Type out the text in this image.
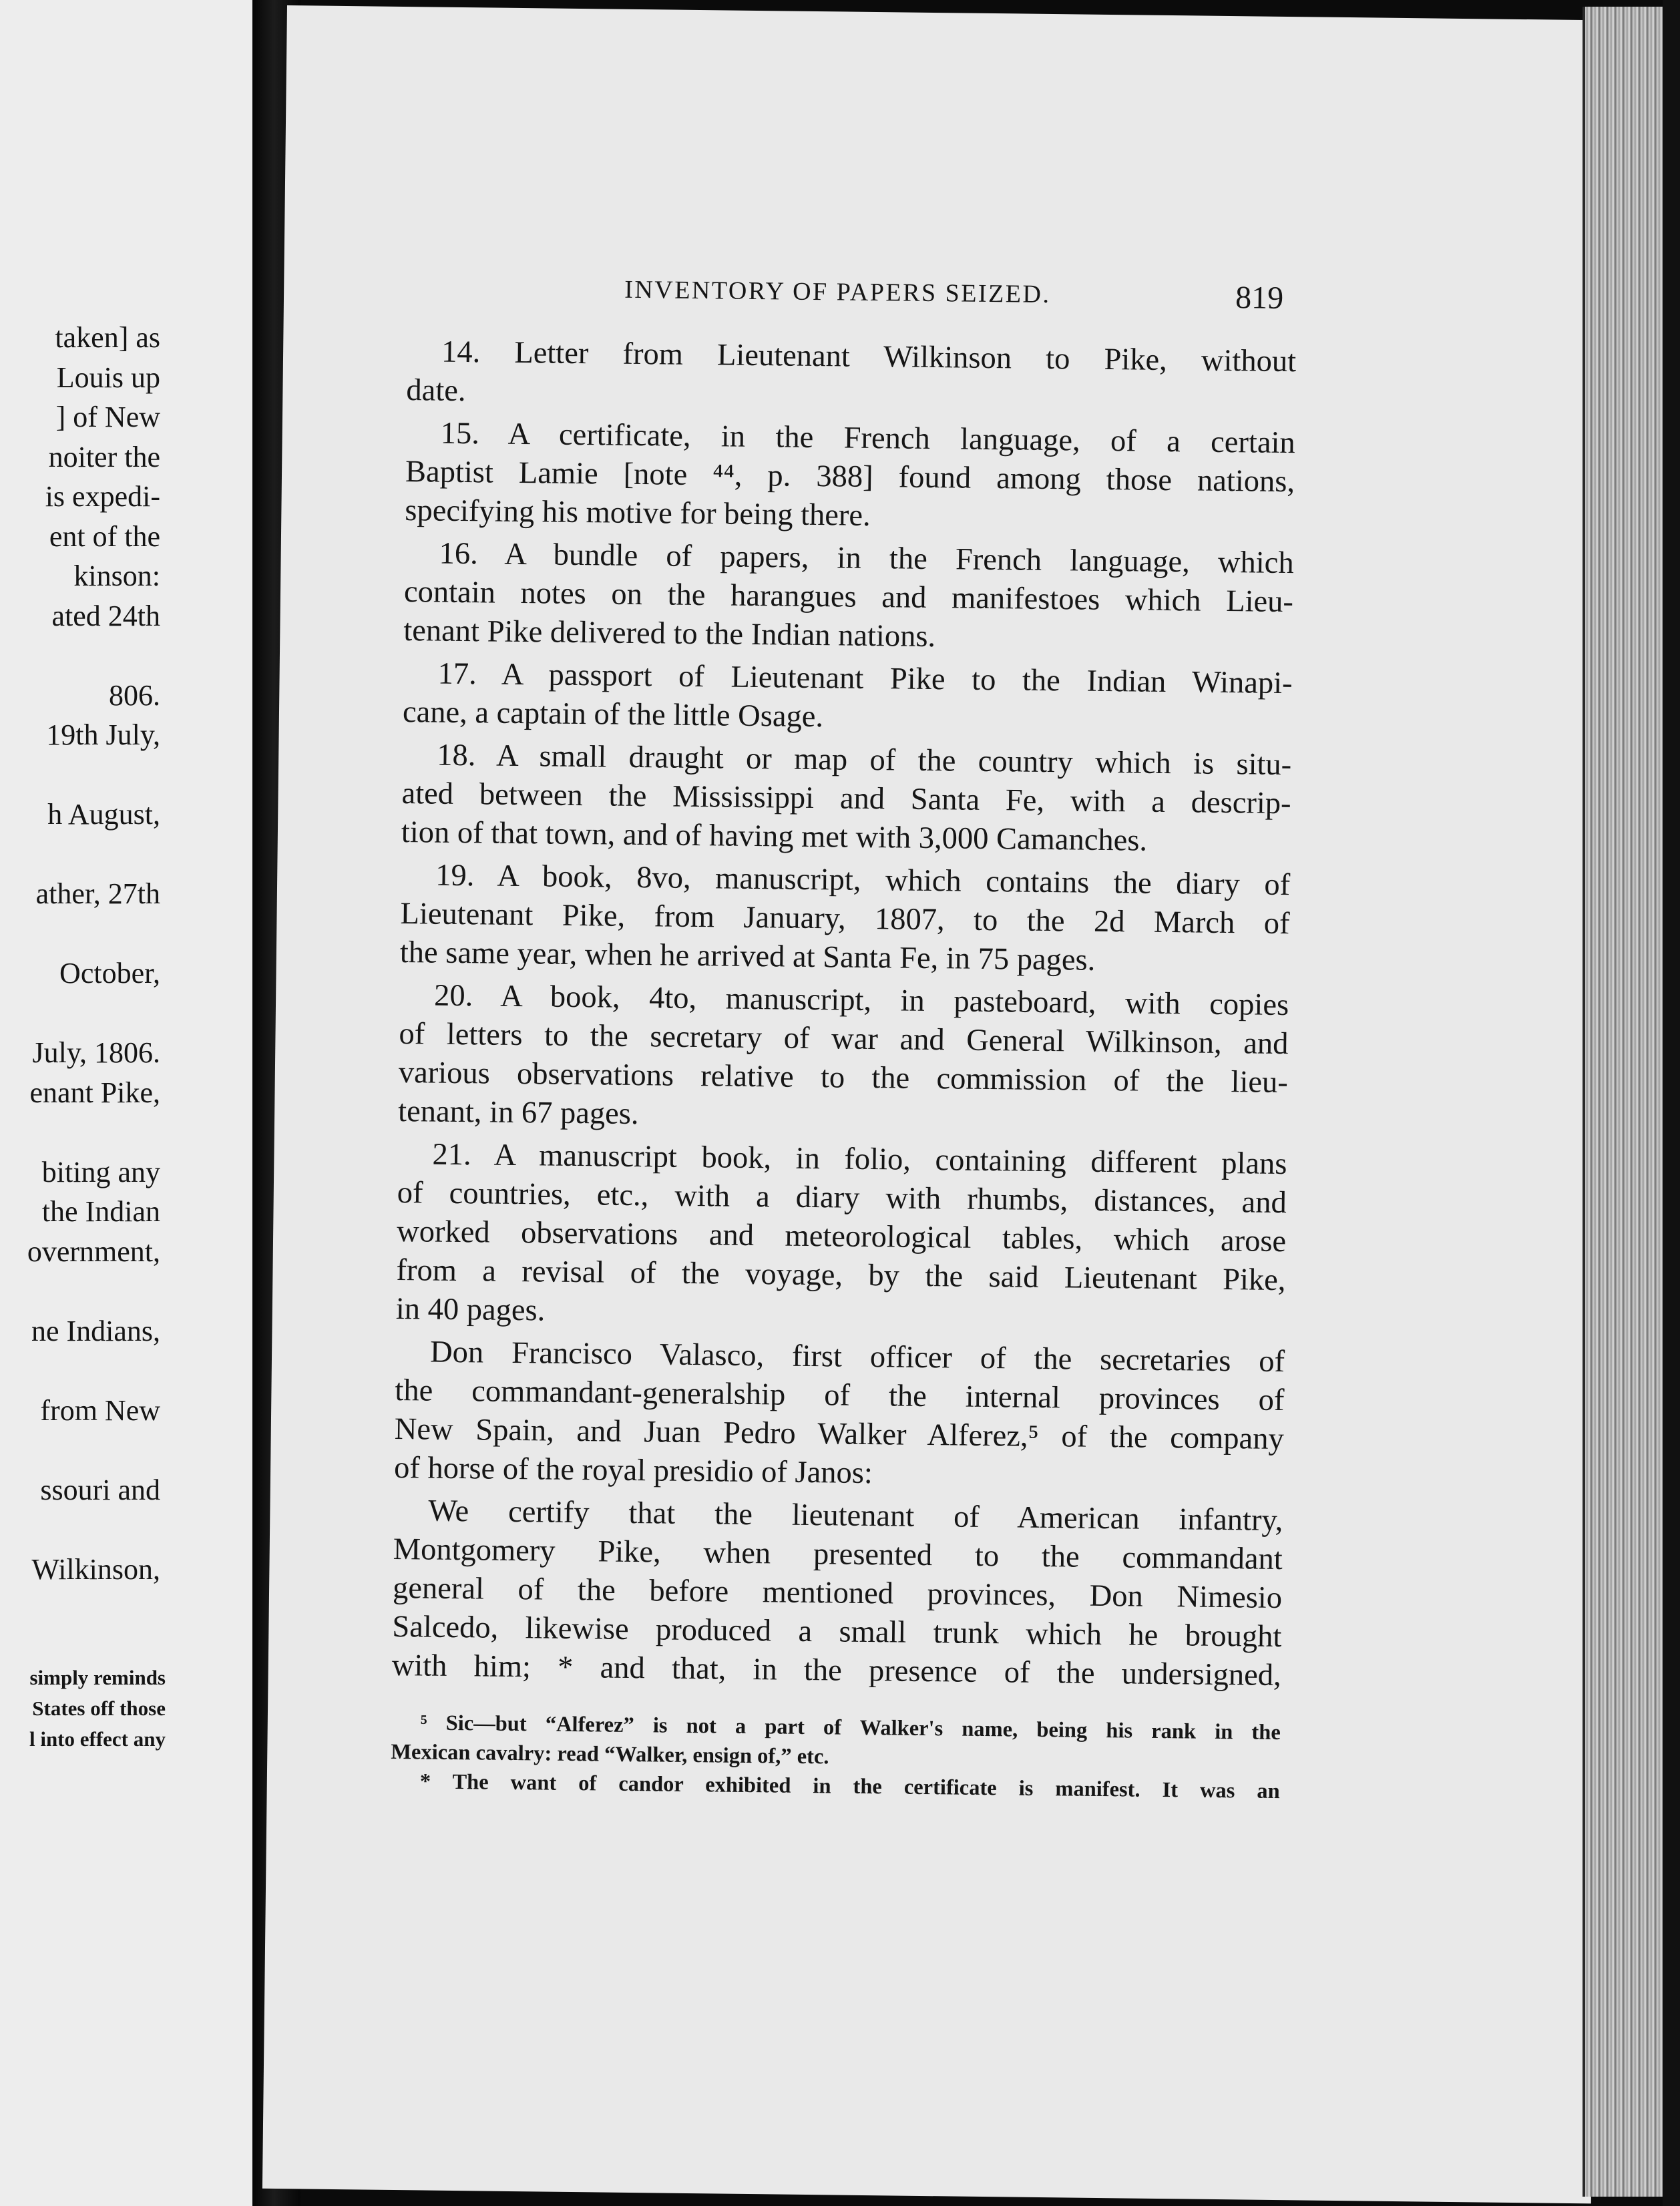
taken] as
Louis up
] of New
noiter the
is expedi-
ent of the
kinson:
ated 24th
806.
19th July,
h August,
ather, 27th
October,
July, 1806.
enant Pike,
biting any
the Indian
overnment,
ne Indians,
from New
ssouri and
Wilkinson,
simply reminds
States off those
l into effect any
INVENTORY OF PAPERS SEIZED.	819
14. Letter from Lieutenant Wilkinson to Pike, without
date.
15. A certificate, in the French language, of a certain
Baptist Lamie [note ⁴⁴, p. 388] found among those nations,
specifying his motive for being there.
16. A bundle of papers, in the French language, which
contain notes on the harangues and manifestoes which Lieu-
tenant Pike delivered to the Indian nations.
17. A passport of Lieutenant Pike to the Indian Winapi-
cane, a captain of the little Osage.
18. A small draught or map of the country which is situ-
ated between the Mississippi and Santa Fe, with a descrip-
tion of that town, and of having met with 3,000 Camanches.
19. A book, 8vo, manuscript, which contains the diary of
Lieutenant Pike, from January, 1807, to the 2d March of
the same year, when he arrived at Santa Fe, in 75 pages.
20. A book, 4to, manuscript, in pasteboard, with copies
of letters to the secretary of war and General Wilkinson, and
various observations relative to the commission of the lieu-
tenant, in 67 pages.
21. A manuscript book, in folio, containing different plans
of countries, etc., with a diary with rhumbs, distances, and
worked observations and meteorological tables, which arose
from a revisal of the voyage, by the said Lieutenant Pike,
in 40 pages.
Don Francisco Valasco, first officer of the secretaries of
the commandant-generalship of the internal provinces of
New Spain, and Juan Pedro Walker Alferez,⁵ of the company
of horse of the royal presidio of Janos:
We certify that the lieutenant of American infantry,
Montgomery Pike, when presented to the commandant
general of the before mentioned provinces, Don Nimesio
Salcedo, likewise produced a small trunk which he brought
with him; * and that, in the presence of the undersigned,
⁵ Sic—but “Alferez” is not a part of Walker's name, being his rank in the
Mexican cavalry: read “Walker, ensign of,” etc.
* The want of candor exhibited in the certificate is manifest. It was an
